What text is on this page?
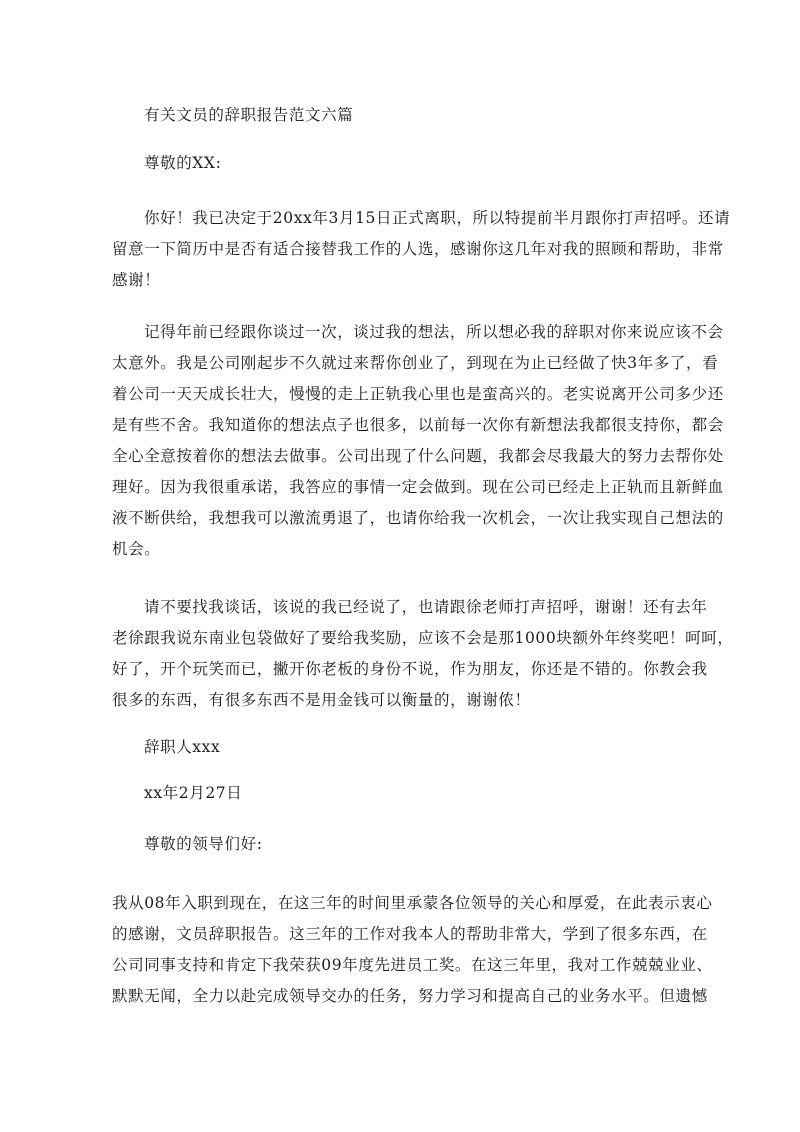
有关文员的辞职报告范文六篇
尊敬的XX:
你好！我已决定于20xx年3月15日正式离职，所以特提前半月跟你打声招呼。还请
留意一下简历中是否有适合接替我工作的人选，感谢你这几年对我的照顾和帮助，非常
感谢！
记得年前已经跟你谈过一次，谈过我的想法，所以想必我的辞职对你来说应该不会
太意外。我是公司刚起步不久就过来帮你创业了，到现在为止已经做了快3年多了，看
着公司一天天成长壮大，慢慢的走上正轨我心里也是蛮高兴的。老实说离开公司多少还
是有些不舍。我知道你的想法点子也很多，以前每一次你有新想法我都很支持你，都会
全心全意按着你的想法去做事。公司出现了什么问题，我都会尽我最大的努力去帮你处
理好。因为我很重承诺，我答应的事情一定会做到。现在公司已经走上正轨而且新鲜血
液不断供给，我想我可以激流勇退了，也请你给我一次机会，一次让我实现自己想法的
机会。
请不要找我谈话，该说的我已经说了，也请跟徐老师打声招呼，谢谢！还有去年
老徐跟我说东南业包袋做好了要给我奖励，应该不会是那1000块额外年终奖吧！呵呵，
好了，开个玩笑而已，撇开你老板的身份不说，作为朋友，你还是不错的。你教会我
很多的东西，有很多东西不是用金钱可以衡量的，谢谢侬！
辞职人xxx
xx年2月27日
尊敬的领导们好:
我从08年入职到现在，在这三年的时间里承蒙各位领导的关心和厚爱，在此表示衷心
的感谢，文员辞职报告。这三年的工作对我本人的帮助非常大，学到了很多东西，在
公司同事支持和肯定下我荣获09年度先进员工奖。在这三年里，我对工作兢兢业业、
默默无闻，全力以赴完成领导交办的任务，努力学习和提高自己的业务水平。但遗憾
